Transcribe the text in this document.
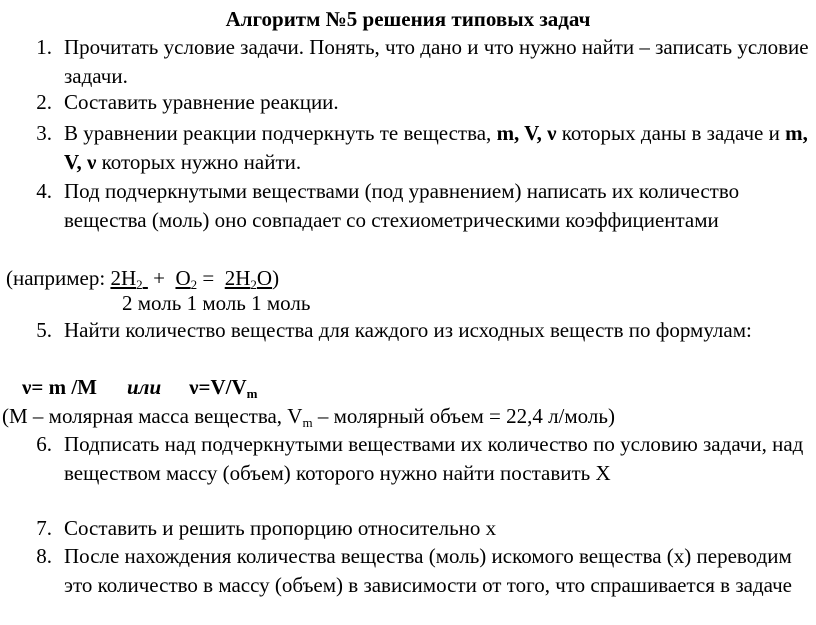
Алгоритм №5 решения типовых задач
1. Прочитать условие задачи. Понять, что дано и что нужно найти – записать условие задачи.
2. Составить уравнение реакции.
3. В уравнении реакции подчеркнуть те вещества, m, V, ν которых даны в задаче и m, V, ν которых нужно найти.
4. Под подчеркнутыми веществами (под уравнением) написать их количество вещества (моль) оно совпадает со стехиометрическими коэффициентами
(например: $2H_2 + O_2 = 2H_2O$)
2 моль 1 моль 1 моль
5. Найти количество вещества для каждого из исходных веществ по формулам:
ν= m /M или $\nu=V/V_m$
(M – молярная масса вещества, $V_m$ – молярный объем = 22,4 л/моль)
6. Подписать над подчеркнутыми веществами их количество по условию задачи, над веществом массу (объем) которого нужно найти поставить Х
7. Составить и решить пропорцию относительно х
8. После нахождения количества вещества (моль) искомого вещества (х) переводим это количество в массу (объем) в зависимости от того, что спрашивается в задаче
